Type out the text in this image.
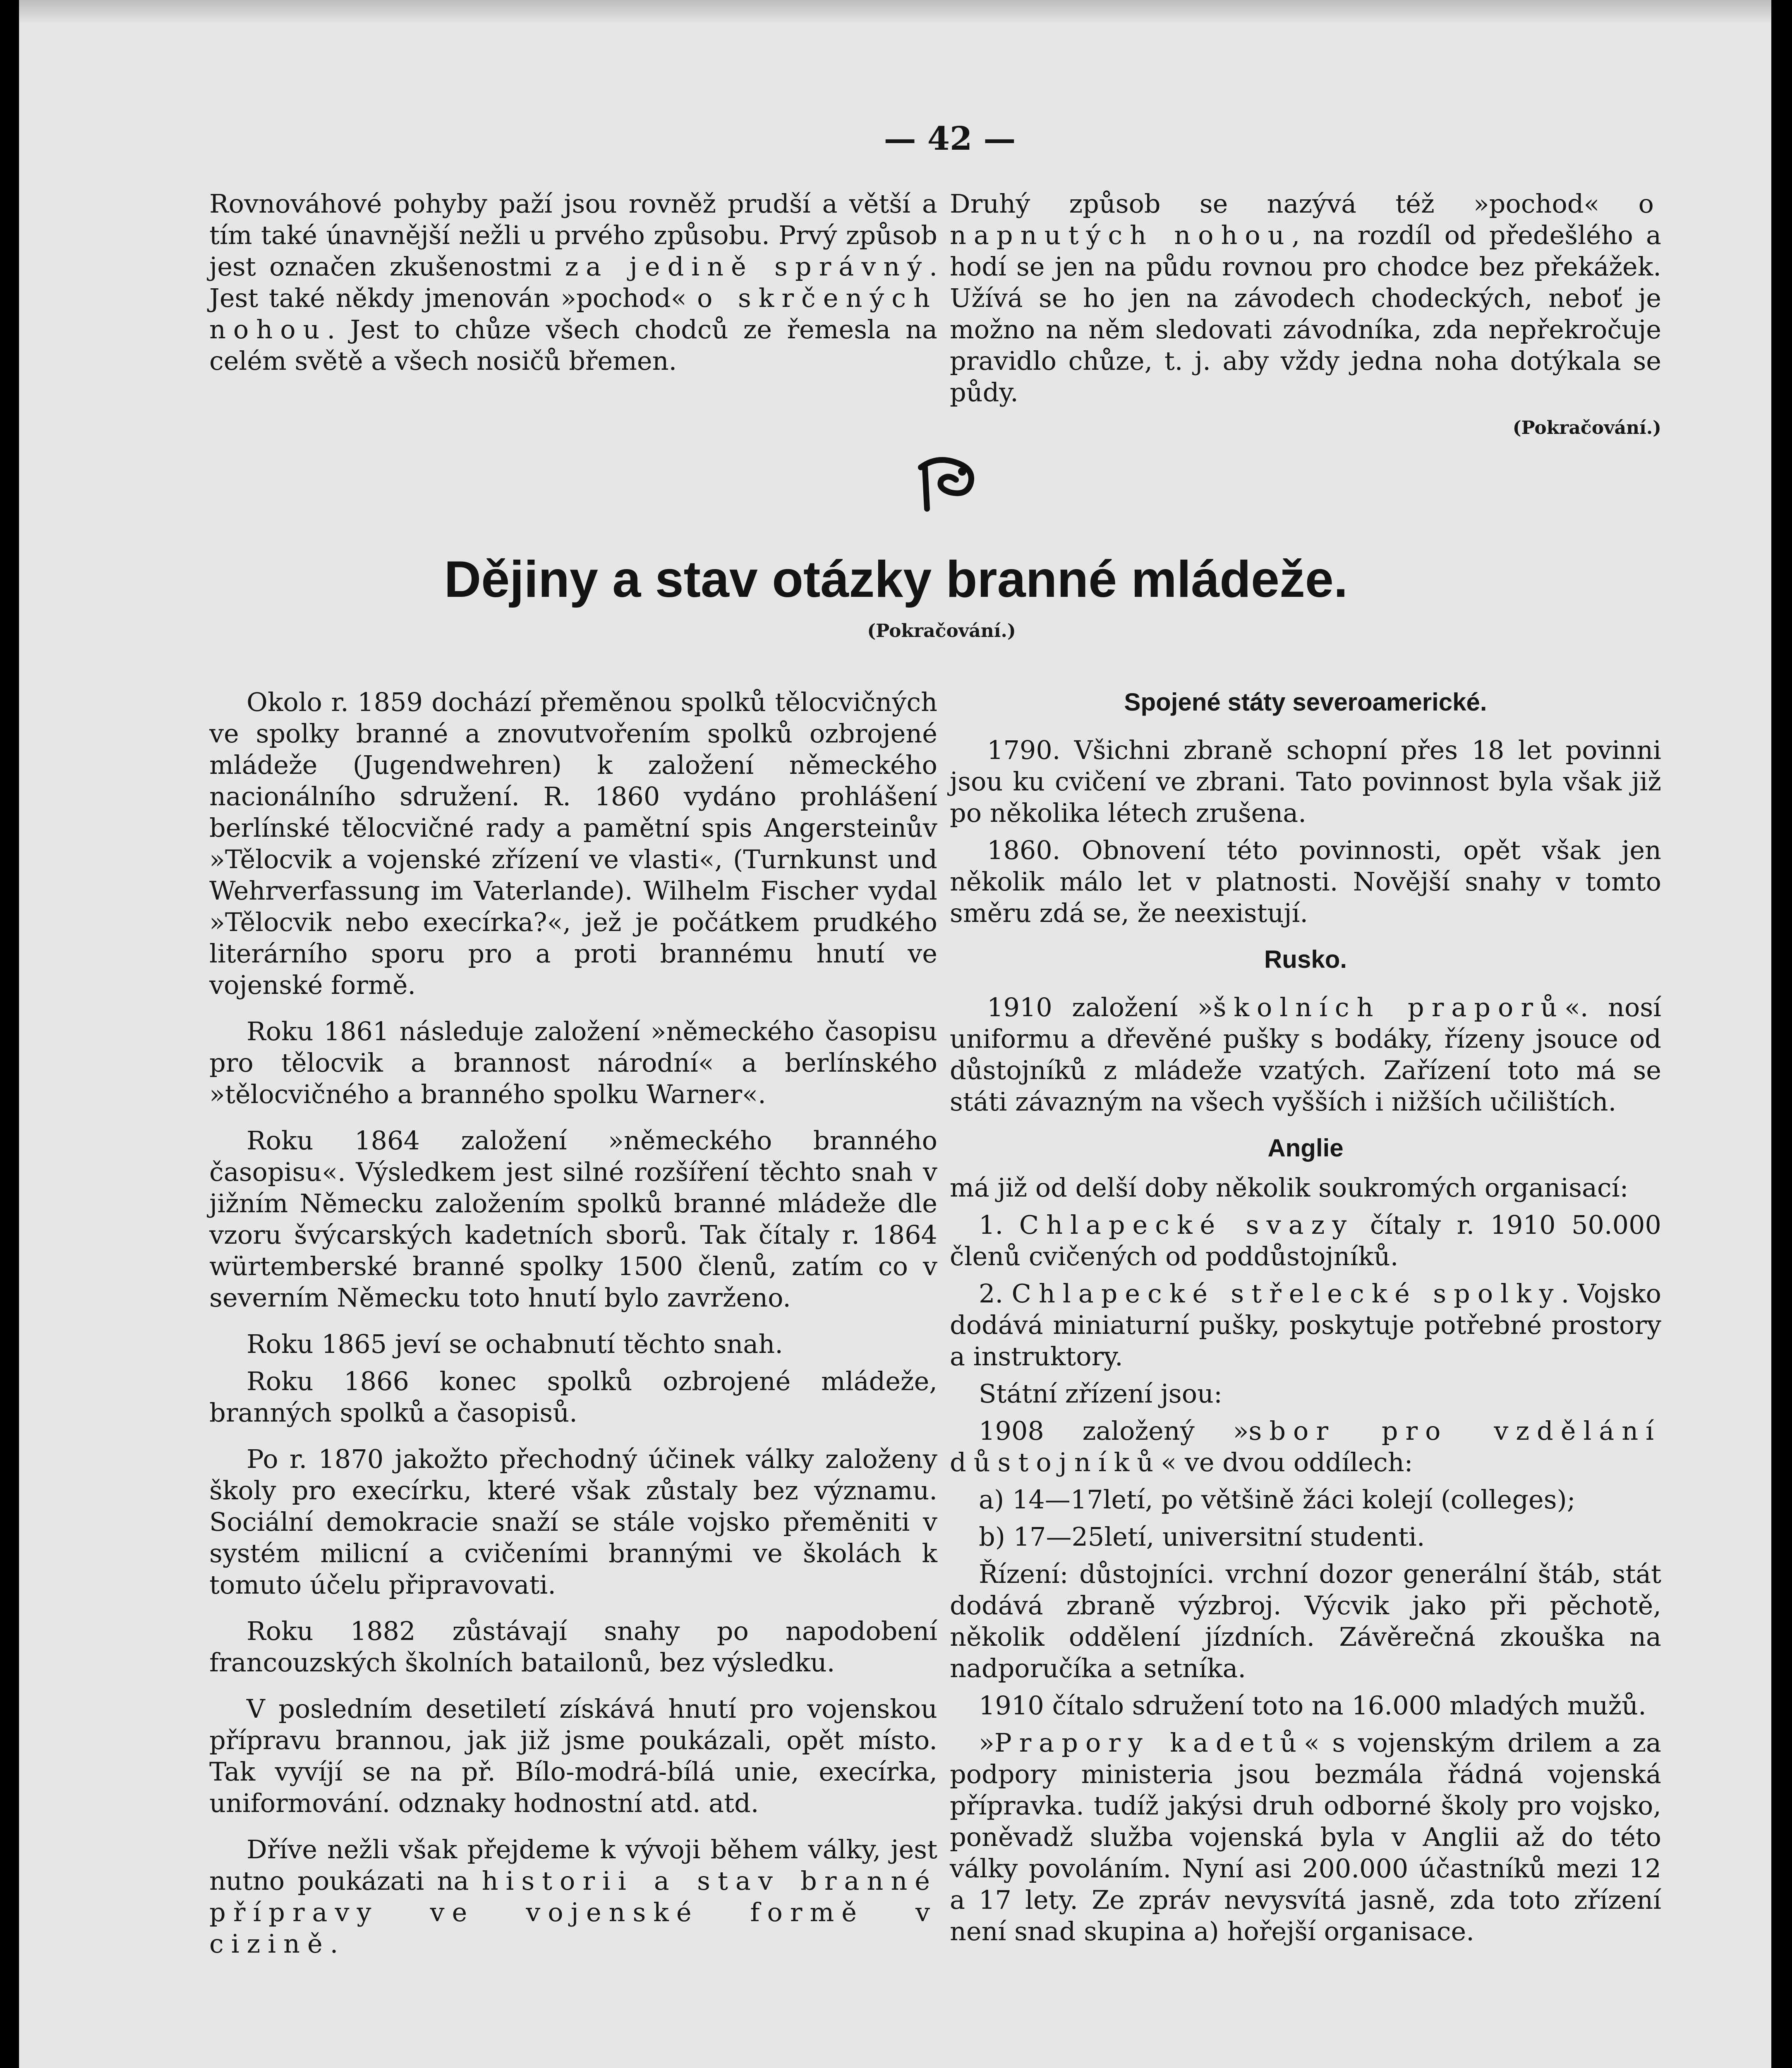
— 42 —

Rovnováhové pohyby paží jsou rovněž prudší a větší a tím také únavnější nežli u prvého způsobu. Prvý způsob jest označen zkušenostmi za jedině správný. Jest také někdy jmenován »pochod« o skrčených nohou. Jest to chůze všech chodců ze řemesla na celém světě a všech nosičů břemen.

Druhý způsob se nazývá též »pochod« o napnutých nohou, na rozdíl od předešlého a hodí se jen na půdu rovnou pro chodce bez překážek. Užívá se ho jen na závodech chodeckých, neboť je možno na něm sledovati závodníka, zda nepřekročuje pravidlo chůze, t. j. aby vždy jedna noha dotýkala se půdy.

(Pokračování.)
Dějiny a stav otázky branné mládeže.
(Pokračování.)

Okolo r. 1859 dochází přeměnou spolků tělocvičných ve spolky branné a znovutvořením spolků ozbrojené mládeže (Jugendwehren) k založení německého nacionálního sdružení. R. 1860 vydáno prohlášení berlínské tělocvičné rady a pamětní spis Angersteinův »Tělocvik a vojenské zřízení ve vlasti«, (Turnkunst und Wehrverfassung im Vaterlande). Wilhelm Fischer vydal »Tělocvik nebo execírka?«, jež je počátkem prudkého literárního sporu pro a proti brannému hnutí ve vojenské formě.

Roku 1861 následuje založení »německého časopisu pro tělocvik a brannost národní« a berlínského »tělocvičného a branného spolku Warner«.

Roku 1864 založení »německého branného časopisu«. Výsledkem jest silné rozšíření těchto snah v jižním Německu založením spolků branné mládeže dle vzoru švýcarských kadetních sborů. Tak čítaly r. 1864 würtemberské branné spolky 1500 členů, zatím co v severním Německu toto hnutí bylo zavrženo.

Roku 1865 jeví se ochabnutí těchto snah.

Roku 1866 konec spolků ozbrojené mládeže, branných spolků a časopisů.

Po r. 1870 jakožto přechodný účinek války založeny školy pro execírku, které však zůstaly bez významu. Sociální demokracie snaží se stále vojsko přeměniti v systém milicní a cvičeními brannými ve školách k tomuto účelu připravovati.

Roku 1882 zůstávají snahy po napodobení francouzských školních batailonů, bez výsledku.

V posledním desetiletí získává hnutí pro vojenskou přípravu brannou, jak již jsme poukázali, opět místo. Tak vyvíjí se na př. Bílo-modrá-bílá unie, execírka, uniformování. odznaky hodnostní atd. atd.

Dříve nežli však přejdeme k vývoji během války, jest nutno poukázati na historii a stav branné přípravy ve vojenské formě v cizině.

Spojené státy severoamerické.

1790. Všichni zbraně schopní přes 18 let povinni jsou ku cvičení ve zbrani. Tato povinnost byla však již po několika létech zrušena.

1860. Obnovení této povinnosti, opět však jen několik málo let v platnosti. Novější snahy v tomto směru zdá se, že neexistují.

Rusko.

1910 založení »školních praporů«. nosí uniformu a dřevěné pušky s bodáky, řízeny jsouce od důstojníků z mládeže vzatých. Zařízení toto má se státi závazným na všech vyšších i nižších učilištích.

Anglie

má již od delší doby několik soukromých organisací:

1. Chlapecké svazy čítaly r. 1910 50.000 členů cvičených od poddůstojníků.

2. Chlapecké střelecké spolky. Vojsko dodává miniaturní pušky, poskytuje potřebné prostory a instruktory.

Státní zřízení jsou:

1908 založený »sbor pro vzdělání důstojníků« ve dvou oddílech:

a) 14—17letí, po většině žáci kolejí (colleges);

b) 17—25letí, universitní studenti.

Řízení: důstojníci. vrchní dozor generální štáb, stát dodává zbraně výzbroj. Výcvik jako při pěchotě, několik oddělení jízdních. Závěrečná zkouška na nadporučíka a setníka.

1910 čítalo sdružení toto na 16.000 mladých mužů.

»Prapory kadetů« s vojenským drilem a za podpory ministeria jsou bezmála řádná vojenská přípravka. tudíž jakýsi druh odborné školy pro vojsko, poněvadž služba vojenská byla v Anglii až do této války povoláním. Nyní asi 200.000 účastníků mezi 12 a 17 lety. Ze zpráv nevysvítá jasně, zda toto zřízení není snad skupina a) hořejší organisace.
